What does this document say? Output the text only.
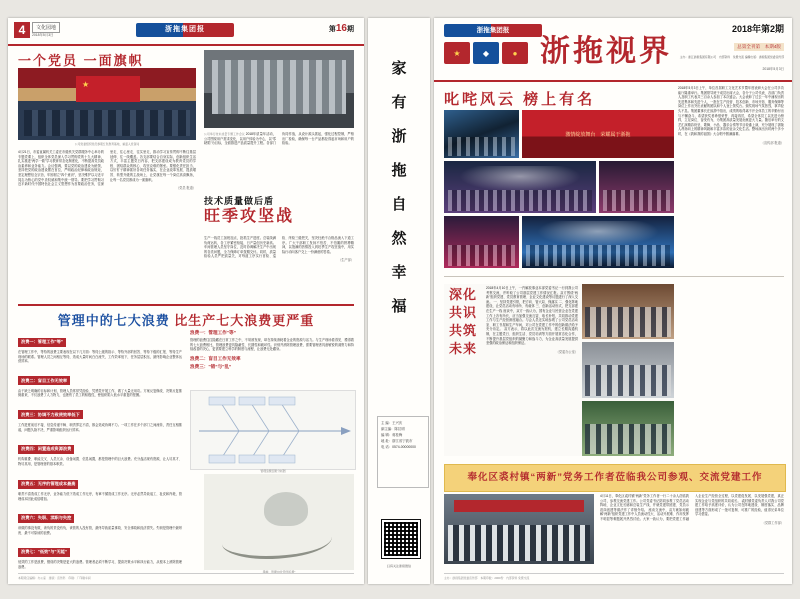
4	文化园地
2018年5月3日
浙拖集团报	第16期
一个党员 一面旗帜
★
公司党委组织党员参观红色教育基地，重温入党誓词
4月21日，市委直属机关工委在市级机关党群服务中心举办的专题党课上，组织全体党员深入学习贯彻党的十九大精神，扎实推进“两学一做”学习教育常态化制度化，不断提高党员政治素养和业务能力。会议强调，要以党的政治建设为统领，坚持把党的政治建设摆在首位，严明政治纪律和政治规矩，坚定理想信念宗旨，牢固树立“四个意识”，坚决维护以习近平同志为核心的党中央权威和集中统一领导。要把学习贯彻习近平新时代中国特色社会主义思想作为首要政治任务，往深里走、往心里走、往实里走，推动学习宣传贯彻不断往基层延伸、往一线覆盖。各支部要结合自身实际，创新组织生活方式，丰富主题党日内容，把支部建设成为教育党员的学校、团结群众的核心、攻坚克难的堡垒。要强化责任担当，以钉钉子精神抓好各项任务落实，在企业改革发展、提质增效、转型升级的主战场上，让党旗在每一个岗位高高飘扬，让每一名党员都成为一面旗帜。
（党员 报道）
公司举行技术质量专题工作会议 2018年质量年活动，公司围绕用户需求变化，以用户体验为中心，以“零缺陷”为目标，全面推进产品质量提升工程。各部门协同作战，从设计源头抓起，强化过程控制，严格出厂检验，确保每一台产品都经得起市场和用户的检验。
技术质量做后盾
旺季攻坚战
生产一线员工加班加点，抢抓生产进度。总装线满负荷运转，各工序紧密衔接，日产量创历史新高。车间管理人员坚守岗位，及时协调解决生产中出现的各类问题，全力保障订单按期交付。同时，质量检验人员严把质量关，对每道工序实行首检、巡检、终检三级把关，坚决杜绝不合格品流入下道工序。广大干部职工发扬不怕苦、不怕累的拼搏精神，以饱满的热情投入到旺季生产攻坚战中，用实际行动向客户交上一份满意的答卷。
（生产部）
管理中的七大浪费 比生产七大浪费更严重
浪费一：管理工作“等”
在管理工作中，等待的浪费主要表现在以下几方面：等待上级的指示、等待外部的回答、等待下级的汇报、等待生产现场的联系。管理人员之间相互等待，造成大量时间白白流失，工作效率低下，任务层层积压，最终影响企业整体运营效率。
浪费二：盲目工作无效率
由于缺乏明确的目标和计划，管理人员常常凭经验、凭感觉开展工作，做了大量无用功。方案反复修改、决策反复推倒重来，不仅浪费了人力物力，也挫伤了员工的积极性，使组织陷入低水平重复的怪圈。
浪费三：协调不力致使效率低下
工作进度前后不接、信息传递不畅、职责界定不清，都会造成协调不力。一项工作在多个部门之间流转，责任互相推诿，问题久拖不决，严重影响组织运行效率。
浪费四：闲置造成资源浪费
机构重叠、职能交叉、人员冗余、设备闲置、信息闲置，都是管理中的巨大浪费。充分盘活现有资源，让人尽其才、物尽其用，是管理者的基本职责。
浪费五：无序的管理成本最高
职责不清造成工作无序，业务能力低下造成工作无序，有章不循造成工作无序。无序必然导致返工、扯皮和内耗，管理成本因此成倍增加。
浪费六：失职、渎职与失控
该做的事没有做，该负的责没有负，该管的人没有管，最终导致质量事故、安全事故和经济损失。失职是管理中最昂贵、最不可原谅的浪费。
浪费七：“低效”与“无能”
低效的工作是浪费，错误的决策是更大的浪费。管理者必须不断学习，提高决策水平和执行能力，从根本上消除管理浪费。
浪费一：管理工作“等”
管理的浪费往往隐藏在日常工作之中，不易被发现，却在持续消耗着企业的资源与活力。与生产现场看得见、摸得着的七大浪费相比，管理浪费更具隐蔽性、长期性和破坏性。识别并消除管理浪费，需要管理者具备敏锐的洞察力和持续改善的决心，更需要建立科学的制度与流程，让浪费无处藏身。
浪费二：盲目工作无效率
浪费三：“错”与“乱”
管理浪费因果分析图
漫画：管理中的“隐形浪费”
本期责任编辑：办公室　排版：宣传科　印刷：厂印刷车间
家
有
浙
拖
自
然
幸
福
主 编：王兴庆
副主编：陈拉明
编 辑：蒋桂梅
地 址：浙江省宁波市
电 话：0574-00000000
扫码关注浙拖微信
浙拖集团报
浙拖视界
2018年第2期
总第全刊第　本期4版
主办：浙江浙拖集团有限公司　内部资料　免费交流 编辑出版：浙拖集团党委宣传部
★	◆	●
2018年5月3日
叱咤风云 榜上有名
激情绽放舞台　荣耀属于浙拖
2018年5月3日上午，单位首届职工文化艺术节暨年度表彰大会在公司多功能厅隆重举行。集团领导班子成员出席大会，各分子公司代表、各部门负责人及职工代表共三百余人参加了本次盛会。大会表彰了过去一年中涌现出的先进集体和先进个人，一批在生产经营、技术创新、市场开拓、服务保障等岗位上作出突出贡献的团队和个人登上领奖台。颁奖现场气氛热烈，掌声经久不息。集团董事长在致辞中指出，成绩的取得离不开全体员工的辛勤付出与不懈奋斗，希望获奖者珍惜荣誉、再接再厉，希望全体员工以先进为榜样，立足岗位、奋发有为，为集团高质量发展贡献更大力量。随后举行的文艺汇演精彩纷呈，歌舞、小品、器乐合奏等节目轮番上演，充分展现了浙拖人昂扬向上的精神风貌和丰富多彩的业余文化生活。整场演出历时两个多小时，在《我和我的祖国》大合唱中圆满落幕。
（宣传部 报道）
深化共识 共筑未来
2018年4月10日上午，一汽解放事业本部党委书记一行到我公司考察交流，并听取了公司基层党建工作情况汇报。双方围绕“两新”组织党建、党员教育管理、企业文化建设等议题进行了深入交流。 一、坚持党建引领，把方向、管大局、保落实 二、强化阵地建设，让党员活动有场所、有载体 三、创新活动形式，把支部建在生产一线 座谈中，双方一致认为，国有企业与民营企业在党建工作上各有所长，应当加强交流互鉴、取长补短，共同推动党建工作与生产经营深度融合。与会人员还实地参观了公司党员活动室、职工书屋和生产车间，对公司在党建工作中的创新做法给予充分肯定。 双方表示，将以此次交流为契机，建立长期沟通机制，在主题党日、组织生活、党员培训等方面开展常态化合作，不断提升基层党组织的凝聚力和战斗力，为企业高质量发展提供坚强的政治保证和组织保证。
（党委办公室）
奉化区裘村镇“两新”党务工作者莅临我公司参观、交流党建工作
4月11日，奉化区裘村镇“两新”党务工作者一行二十余人莅临我公司，参观交流党建工作。公司党委书记陪同参观了党员活动阵地、企业文化长廊和总装生产线，并就党建带团建、党员示范岗创建等做法作了详细介绍。 座谈交流中，双方就如何破解“两新”组织党建工作中人员流动性大、活动开展难、作用发挥不明显等难题展开热烈讨论。大家一致认为，要把党建工作融入企业生产经营全过程，以党建促发展、以发展强党建，真正实现企业与党组织的共同成长。 裘村镇党委负责人对我公司党建工作给予高度评价，认为公司在阵地建设、制度落实、品牌创建等方面形成了一批可复制、可推广的经验，值得兄弟单位学习借鉴。
（党群工作部）
主办：浙拖集团党委宣传部　本期印数：2000份　内部资料 免费交流
